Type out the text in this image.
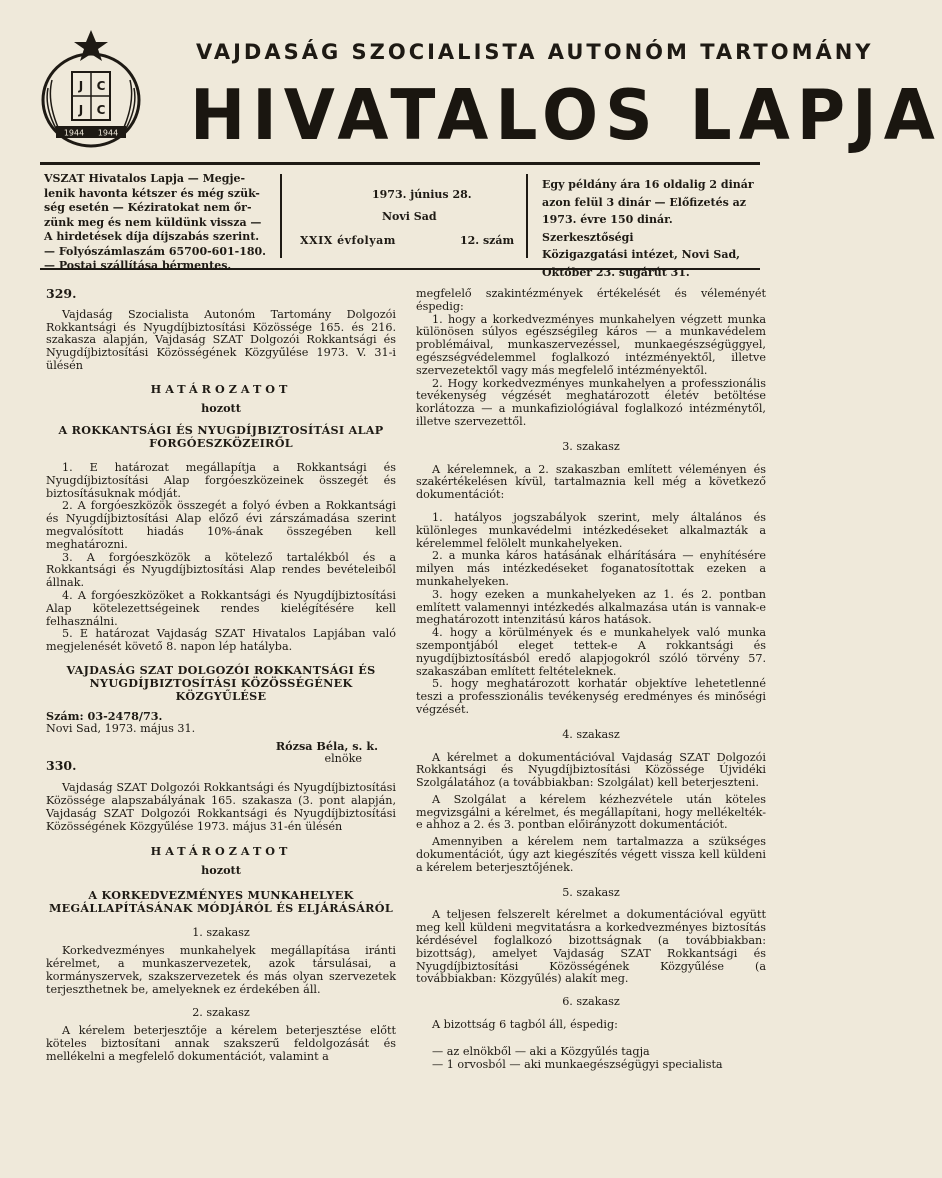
J C
J C
1944 1944
VAJDASÁG SZOCIALISTA AUTONÓM TARTOMÁNY
HIVATALOS LAPJA
VSZAT Hivatalos Lapja — Megje-
lenik havonta kétszer és még szük-
ség esetén — Kéziratokat nem őr-
zünk meg és nem küldünk vissza —
A hirdetések díja díjszabás szerint.
— Folyószámlaszám 65700-601-180.
— Postai szállítása bérmentes.
1973. június 28.
Novi Sad
XXIX évfolyam	12. szám
Egy példány ára 16 oldalig 2 dinár
azon felül 3 dinár — Előfizetés az
1973. évre 150 dinár. Szerkesztőségi
Közigazgatási intézet, Novi Sad,
Október 23. sugárút 31.

329.

Vajdaság Szocialista Autonóm Tartomány Dolgozói Rokkantsági és Nyugdíjbiztosítási Közössége 165. és 216. szakasza alapján, Vajdaság SZAT Dolgozói Rokkantsági és Nyugdíjbiztosítási Közösségének Közgyűlése 1973. V. 31-i ülésén

HATÁROZATOT

hozott

A ROKKANTSÁGI ÉS NYUGDÍJBIZTOSÍTÁSI ALAP FORGÓESZKÖZEIRŐL

1. E határozat megállapítja a Rokkantsági és Nyugdíjbiztosítási Alap forgóeszközeinek összegét és biztosításuknak módját.

2. A forgóeszközök összegét a folyó évben a Rokkantsági és Nyugdíjbiztosítási Alap előző évi zárszámadása szerint megvalósított hiadás 10%-ának összegében kell meghatározni.

3. A forgóeszközök a kötelező tartalékból és a Rokkantsági és Nyugdíjbiztosítási Alap rendes bevételeiből állnak.

4. A forgóeszközöket a Rokkantsági és Nyugdíjbiztosítási Alap kötelezettségeinek rendes kielégítésére kell felhasználni.

5. E határozat Vajdaság SZAT Hivatalos Lapjában való megjelenését követő 8. napon lép hatályba.

VAJDASÁG SZAT DOLGOZÓI ROKKANTSÁGI ÉS NYUGDÍJBIZTOSÍTÁSI KÖZÖSSÉGÉNEK KÖZGYŰLÉSE

Szám: 03-2478/73.

Novi Sad, 1973. május 31.

Rózsa Béla, s. k.

elnöke

330.

Vajdaság SZAT Dolgozói Rokkantsági és Nyugdíjbiztosítási Közössége alapszabályának 165. szakasza (3. pont alapján, Vajdaság SZAT Dolgozói Rokkantsági és Nyugdíjbiztosítási Közösségének Közgyűlése 1973. május 31-én ülésén

HATÁROZATOT

hozott

A KORKEDVEZMÉNYES MUNKAHELYEK MEGÁLLAPÍTÁSÁNAK MÓDJÁRÓL ÉS ELJÁRÁSÁRÓL

1. szakasz

Korkedvezményes munkahelyek megállapítása iránti kérelmet, a munkaszervezetek, azok társulásai, a kormányszervek, szakszervezetek és más olyan szervezetek terjeszthetnek be, amelyeknek ez érdekében áll.

2. szakasz

A kérelem beterjesztője a kérelem beterjesztése előtt köteles biztosítani annak szakszerű feldolgozását és mellékelni a megfelelő dokumentációt, valamint a

megfelelő szakintézmények értékelését és véleményét éspedig:

1. hogy a korkedvezményes munkahelyen végzett munka különösen súlyos egészségileg káros — a munkavédelem problémáival, munkaszervezéssel, munkaegészségüggyel, egészségvédelemmel foglalkozó intézményektől, illetve szervezetektől vagy más megfelelő intézményektől.

2. Hogy korkedvezményes munkahelyen a professzionális tevékenység végzését meghatározott életév betöltése korlátozza — a munkafiziológiával foglalkozó intézménytől, illetve szervezettől.

3. szakasz

A kérelemnek, a 2. szakaszban említett véleményen és szakértékelésen kívül, tartalmaznia kell még a következő dokumentációt:

1. hatályos jogszabályok szerint, mely általános és különleges munkavédelmi intézkedéseket alkalmazták a kérelemmel felölelt munkahelyeken.

2. a munka káros hatásának elhárítására — enyhítésére milyen más intézkedéseket foganatosítottak ezeken a munkahelyeken.

3. hogy ezeken a munkahelyeken az 1. és 2. pontban említett valamennyi intézkedés alkalmazása után is vannak-e meghatározott intenzitású káros hatások.

4. hogy a körülmények és e munkahelyek való munka szempontjából eleget tettek-e A rokkantsági és nyugdíjbiztosításból eredő alapjogokról szóló törvény 57. szakaszában említett feltételeknek.

5. hogy meghatározott korhatár objektíve lehetetlenné teszi a professzionális tevékenység eredményes és minőségi végzését.

4. szakasz

A kérelmet a dokumentációval Vajdaság SZAT Dolgozói Rokkantsági és Nyugdíjbiztosítási Közössége Újvidéki Szolgálatához (a továbbiakban: Szolgálat) kell beterjeszteni.

A Szolgálat a kérelem kézhezvétele után köteles megvizsgálni a kérelmet, és megállapítani, hogy mellékelték-e ahhoz a 2. és 3. pontban előirányzott dokumentációt.

Amennyiben a kérelem nem tartalmazza a szükséges dokumentációt, úgy azt kiegészítés végett vissza kell küldeni a kérelem beterjesztőjének.

5. szakasz

A teljesen felszerelt kérelmet a dokumentációval együtt meg kell küldeni megvitatásra a korkedvezményes biztosítás kérdésével foglalkozó bizottságnak (a továbbiakban: bizottság), amelyet Vajdaság SZAT Rokkantsági és Nyugdíjbiztosítási Közösségének Közgyűlése (a továbbiakban: Közgyűlés) alakít meg.

6. szakasz

A bizottság 6 tagból áll, éspedig:

— az elnökből — aki a Közgyűlés tagja

— 1 orvosból — aki munkaegészségügyi specialista
